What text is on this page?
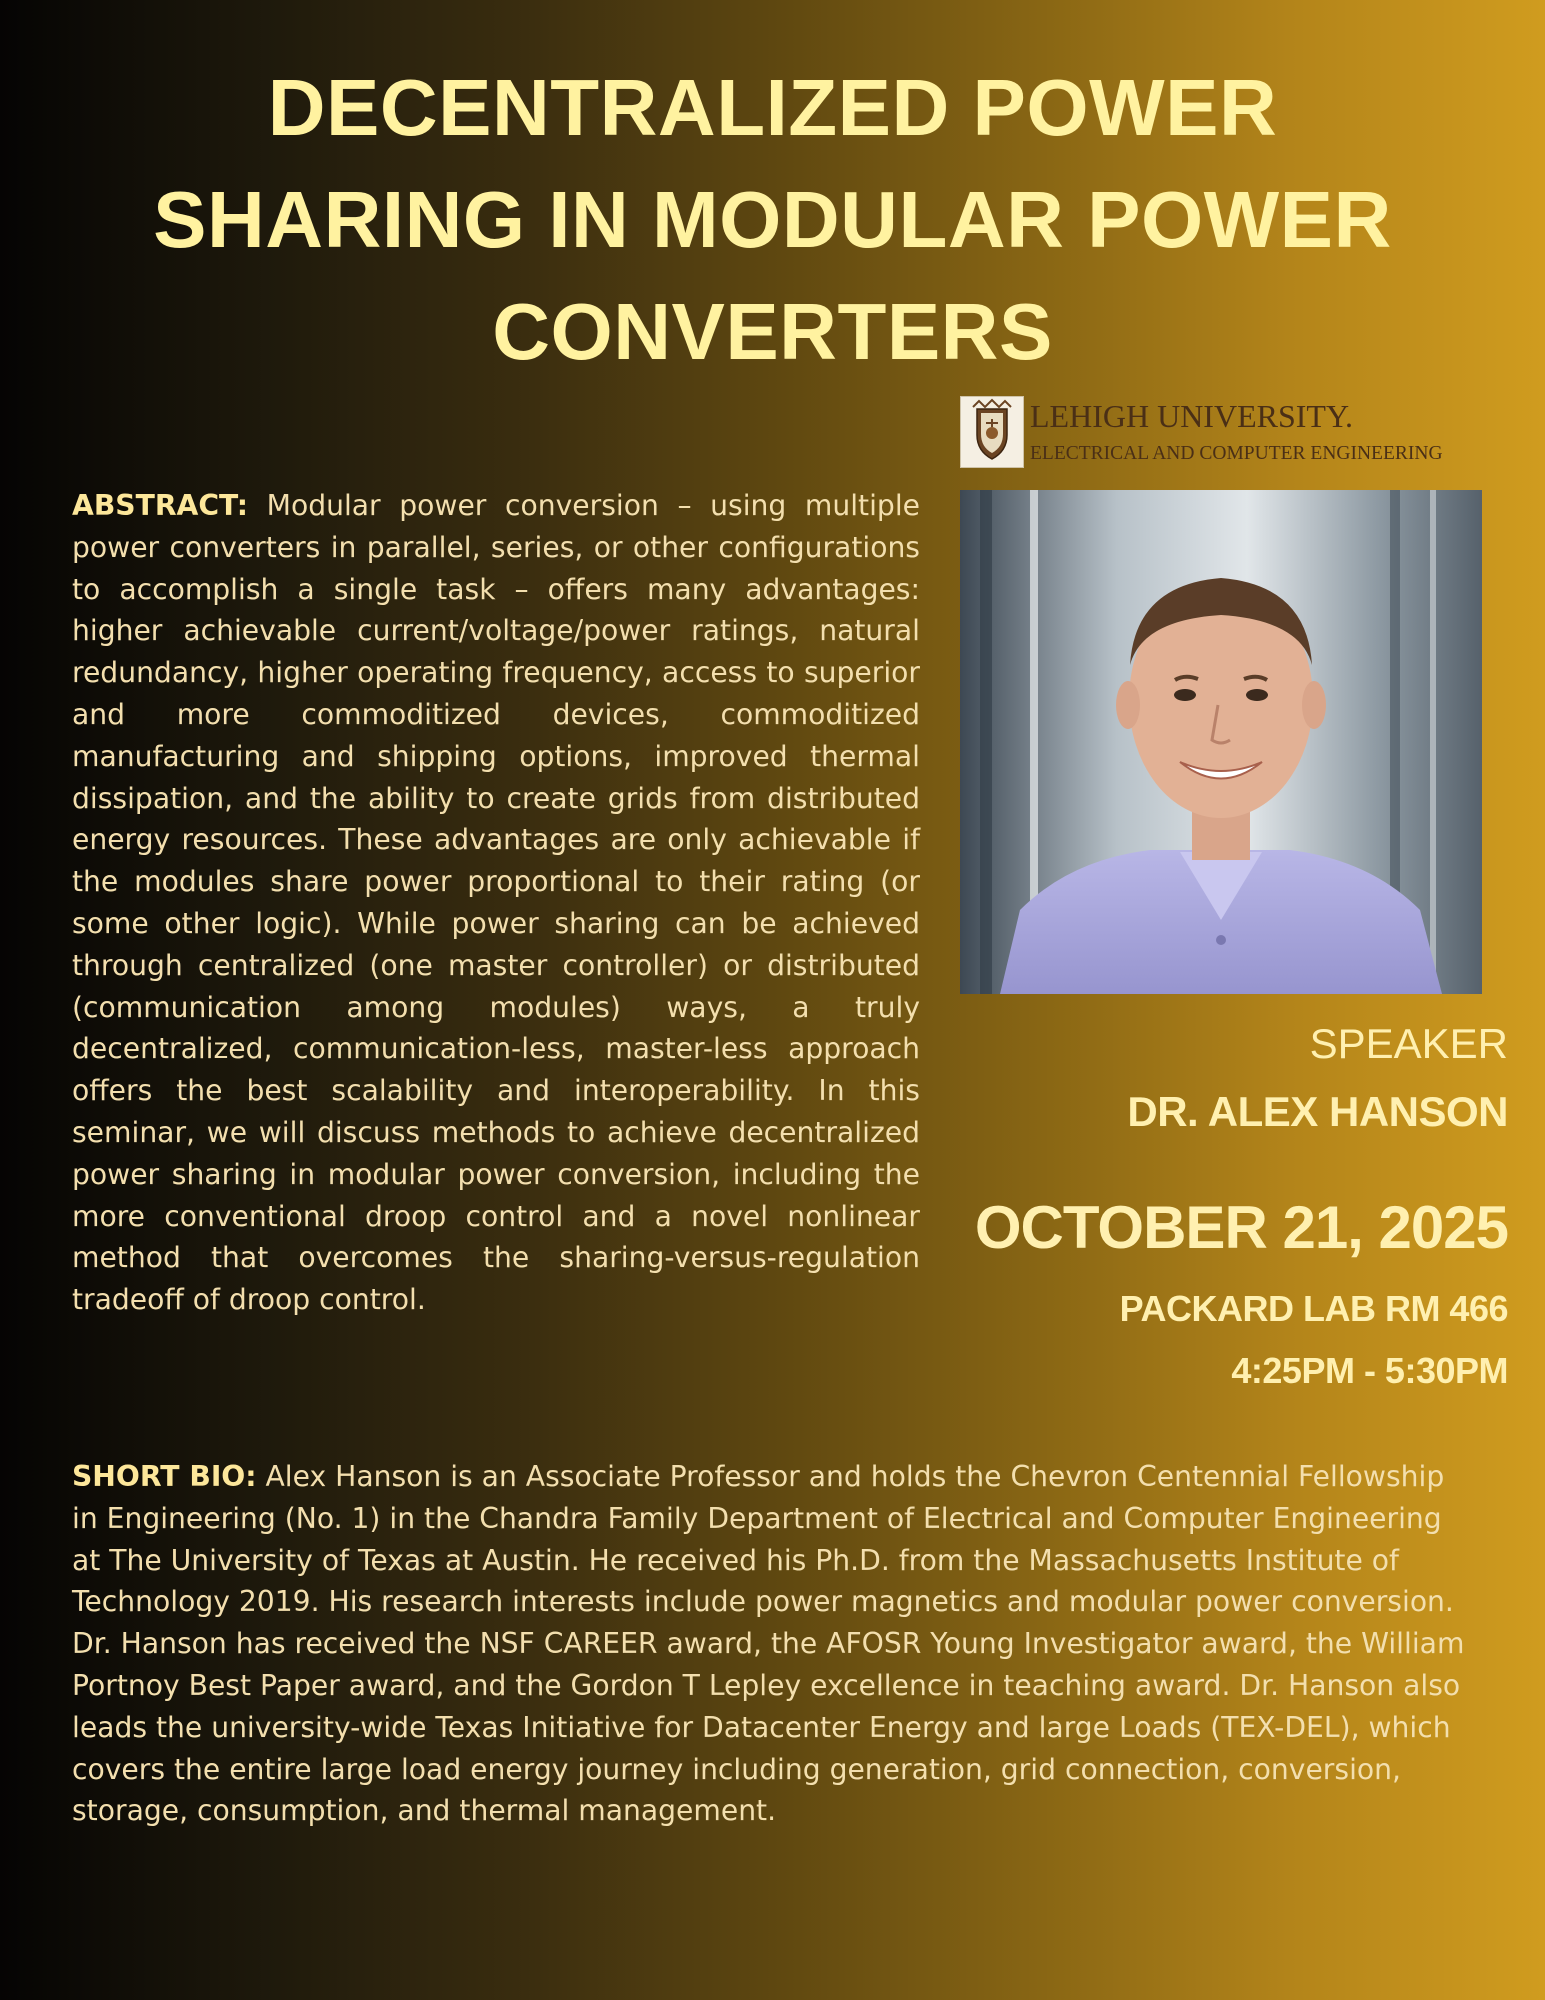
DECENTRALIZED POWER
SHARING IN MODULAR POWER
CONVERTERS
LEHIGH UNIVERSITY.
ELECTRICAL AND COMPUTER ENGINEERING
ABSTRACT: Modular power conversion – using multiple power converters in parallel, series, or other configurations to accomplish a single task – offers many advantages: higher achievable current/voltage/power ratings, natural redundancy, higher operating frequency, access to superior and more commoditized devices, commoditized manufacturing and shipping options, improved thermal dissipation, and the ability to create grids from distributed energy resources. These advantages are only achievable if the modules share power proportional to their rating (or some other logic). While power sharing can be achieved through centralized (one master controller) or distributed (communication among modules) ways, a truly decentralized, communication-less, master-less approach offers the best scalability and interoperability. In this seminar, we will discuss methods to achieve decentralized power sharing in modular power conversion, including the more conventional droop control and a novel nonlinear method that overcomes the sharing-versus-regulation tradeoff of droop control.
SPEAKER
DR. ALEX HANSON
OCTOBER 21, 2025
PACKARD LAB RM 466
4:25PM - 5:30PM
SHORT BIO: Alex Hanson is an Associate Professor and holds the Chevron Centennial Fellowship in Engineering (No. 1) in the Chandra Family Department of Electrical and Computer Engineering at The University of Texas at Austin. He received his Ph.D. from the Massachusetts Institute of Technology 2019. His research interests include power magnetics and modular power conversion. Dr. Hanson has received the NSF CAREER award, the AFOSR Young Investigator award, the William Portnoy Best Paper award, and the Gordon T Lepley excellence in teaching award. Dr. Hanson also leads the university-wide Texas Initiative for Datacenter Energy and large Loads (TEX-DEL), which covers the entire large load energy journey including generation, grid connection, conversion, storage, consumption, and thermal management.
